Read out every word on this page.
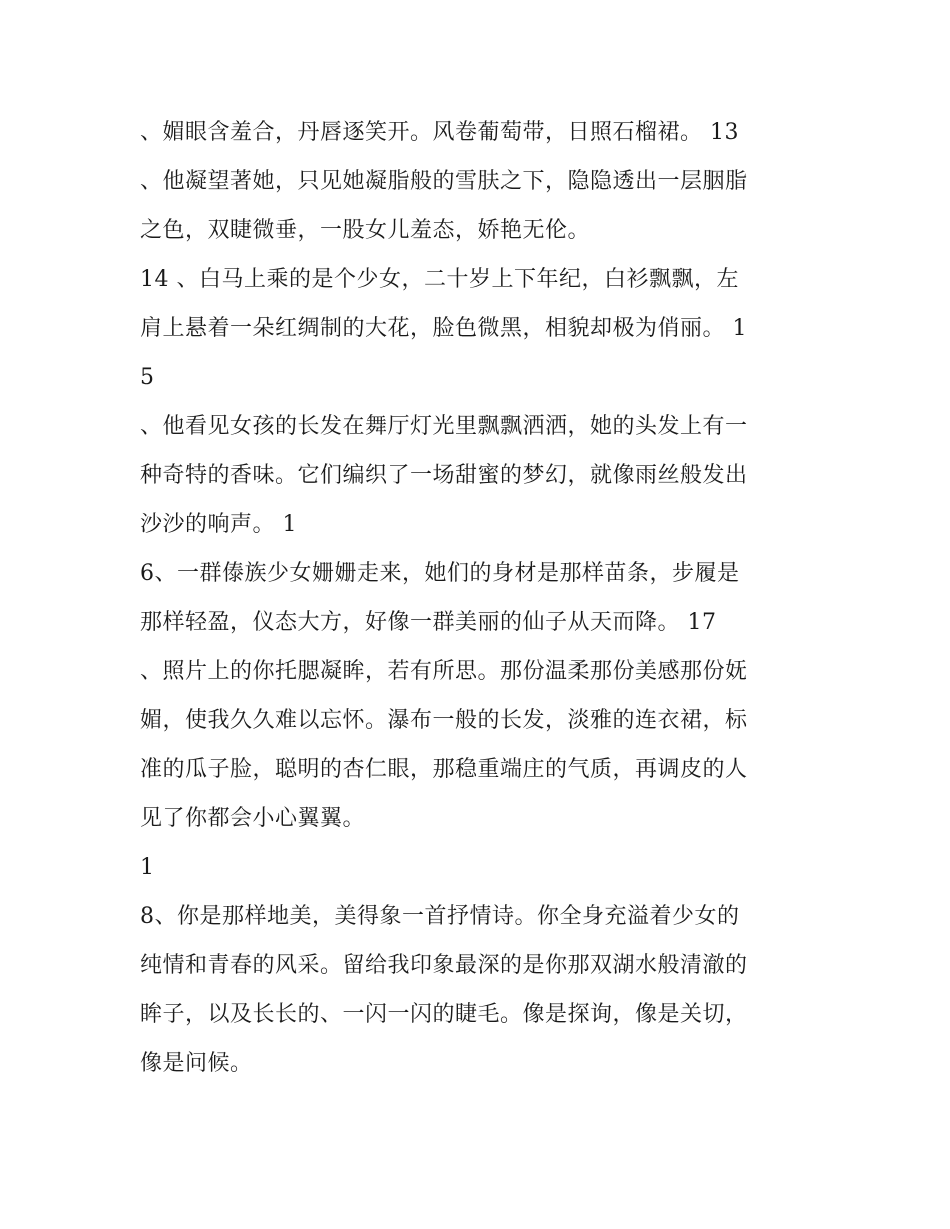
、媚眼含羞合，丹唇逐笑开。风卷葡萄带，日照石榴裙。 13
、他凝望著她，只见她凝脂般的雪肤之下，隐隐透出一层胭脂
之色，双睫微垂，一股女儿羞态，娇艳无伦。
14 、白马上乘的是个少女，二十岁上下年纪，白衫飘飘，左
肩上悬着一朵红绸制的大花，脸色微黑，相貌却极为俏丽。 1
5
、他看见女孩的长发在舞厅灯光里飘飘洒洒，她的头发上有一
种奇特的香味。它们编织了一场甜蜜的梦幻，就像雨丝般发出
沙沙的响声。 1
6、一群傣族少女姗姗走来，她们的身材是那样苗条，步履是
那样轻盈，仪态大方，好像一群美丽的仙子从天而降。 17
、照片上的你托腮凝眸，若有所思。那份温柔那份美感那份妩
媚，使我久久难以忘怀。瀑布一般的长发，淡雅的连衣裙，标
准的瓜子脸，聪明的杏仁眼，那稳重端庄的气质，再调皮的人
见了你都会小心翼翼。
1
8、你是那样地美，美得象一首抒情诗。你全身充溢着少女的
纯情和青春的风采。留给我印象最深的是你那双湖水般清澈的
眸子，以及长长的、一闪一闪的睫毛。像是探询，像是关切，
像是问候。
